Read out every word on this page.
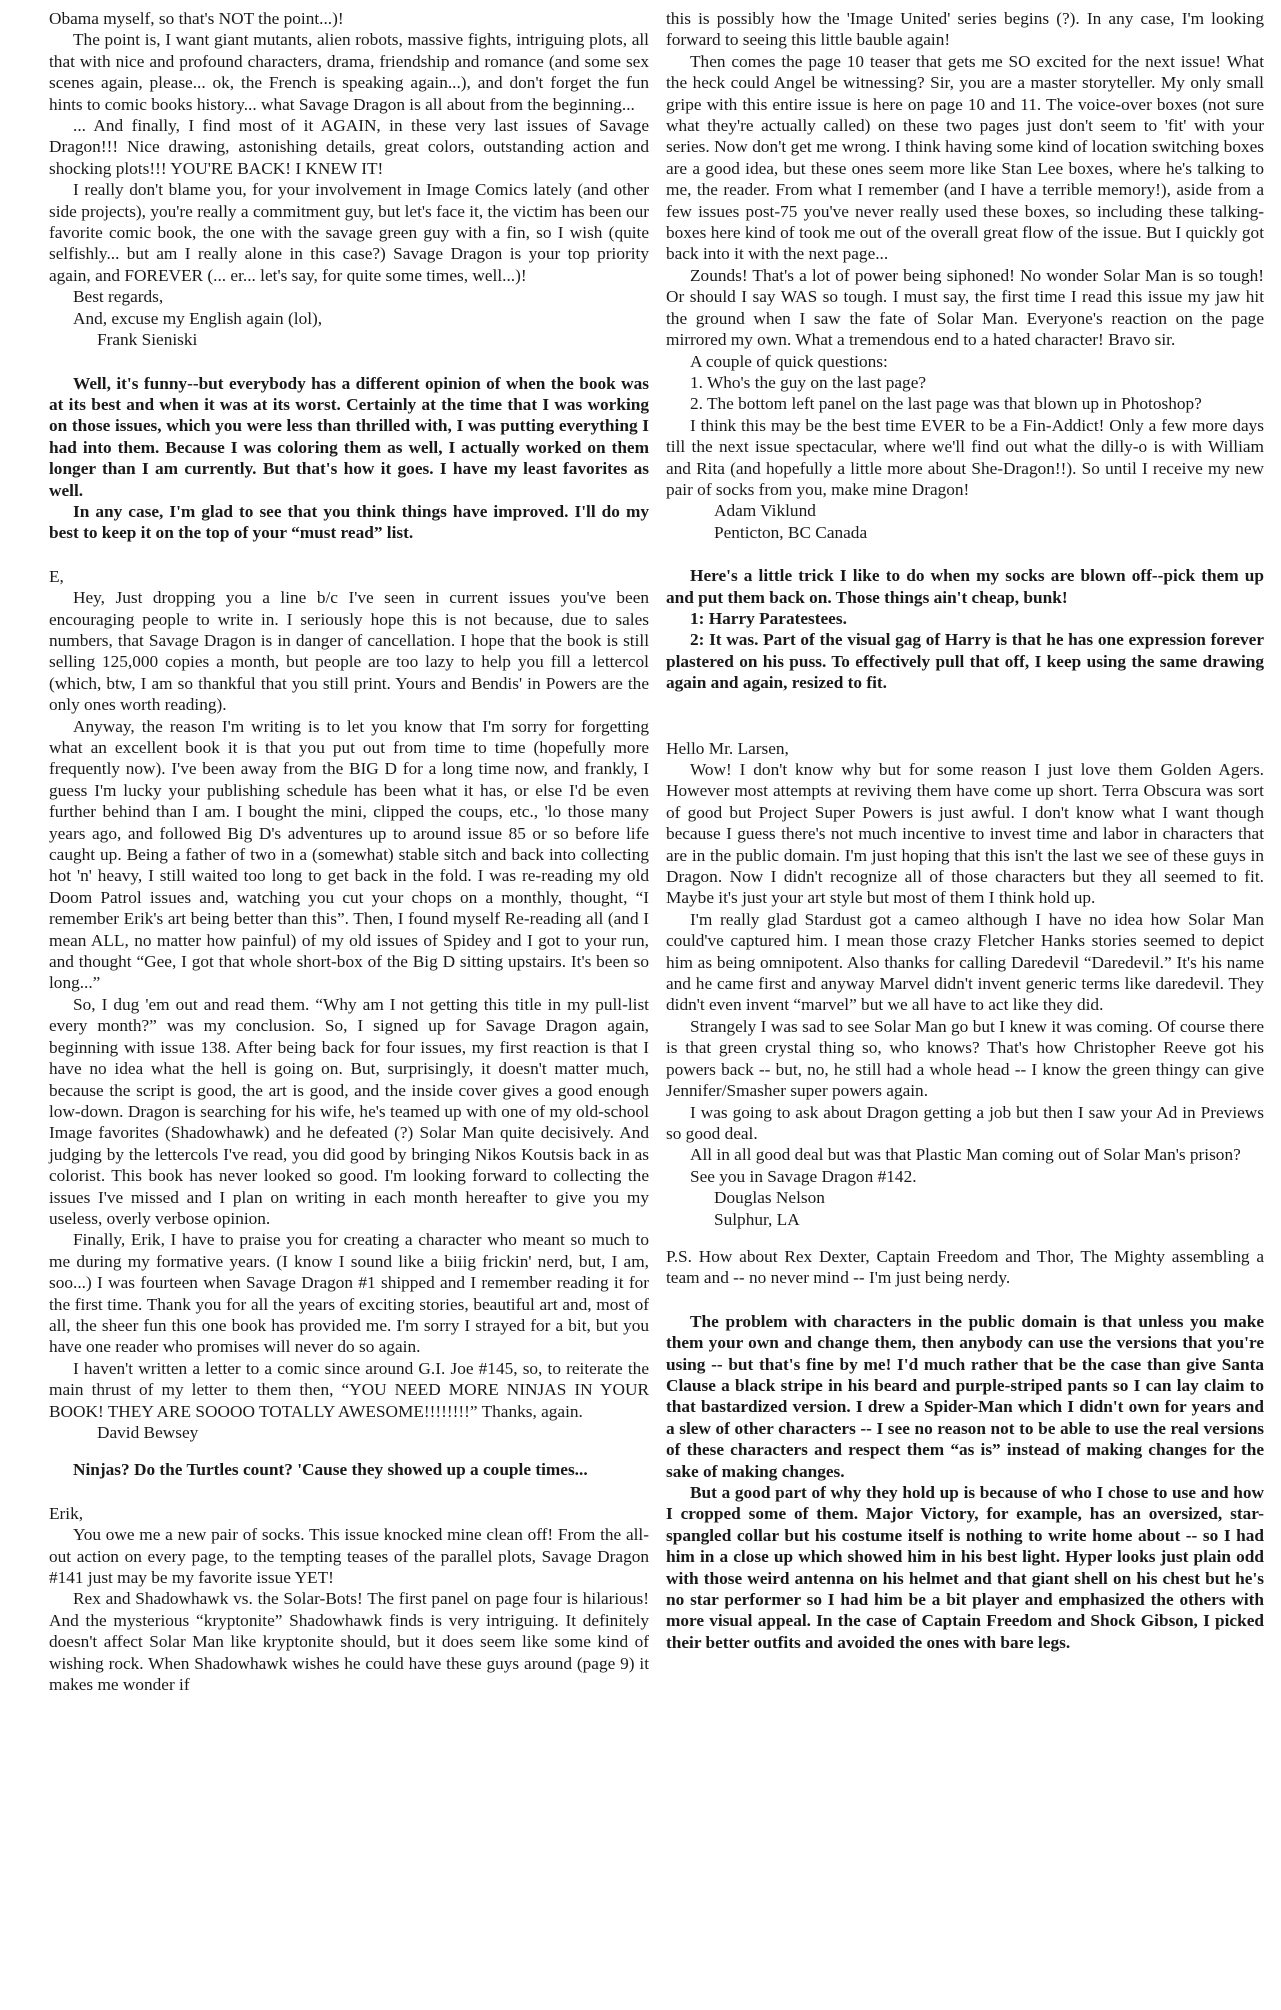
Obama myself, so that's NOT the point...)!

The point is, I want giant mutants, alien robots, massive fights, intriguing plots, all that with nice and profound characters, drama, friendship and romance (and some sex scenes again, please... ok, the French is speaking again...), and don't forget the fun hints to comic books history... what Savage Dragon is all about from the beginning...

... And finally, I find most of it AGAIN, in these very last issues of Savage Dragon!!! Nice drawing, astonishing details, great colors, outstanding action and shocking plots!!! YOU'RE BACK! I KNEW IT!

I really don't blame you, for your involvement in Image Comics lately (and other side projects), you're really a commitment guy, but let's face it, the victim has been our favorite comic book, the one with the savage green guy with a fin, so I wish (quite selfishly... but am I really alone in this case?) Savage Dragon is your top priority again, and FOREVER (... er... let's say, for quite some times, well...)!

Best regards,

And, excuse my English again (lol),

Frank Sieniski

Well, it's funny--but everybody has a different opinion of when the book was at its best and when it was at its worst. Certainly at the time that I was working on those issues, which you were less than thrilled with, I was putting everything I had into them. Because I was coloring them as well, I actually worked on them longer than I am currently. But that's how it goes. I have my least favorites as well.

In any case, I'm glad to see that you think things have improved. I'll do my best to keep it on the top of your “must read” list.

E,

Hey, Just dropping you a line b/c I've seen in current issues you've been encouraging people to write in. I seriously hope this is not because, due to sales numbers, that Savage Dragon is in danger of cancellation. I hope that the book is still selling 125,000 copies a month, but people are too lazy to help you fill a lettercol (which, btw, I am so thankful that you still print. Yours and Bendis' in Powers are the only ones worth reading).

Anyway, the reason I'm writing is to let you know that I'm sorry for forgetting what an excellent book it is that you put out from time to time (hopefully more frequently now). I've been away from the BIG D for a long time now, and frankly, I guess I'm lucky your publishing schedule has been what it has, or else I'd be even further behind than I am. I bought the mini, clipped the coups, etc., 'lo those many years ago, and followed Big D's adventures up to around issue 85 or so before life caught up. Being a father of two in a (somewhat) stable sitch and back into collecting hot 'n' heavy, I still waited too long to get back in the fold. I was re-reading my old Doom Patrol issues and, watching you cut your chops on a monthly, thought, “I remember Erik's art being better than this”. Then, I found myself Re-reading all (and I mean ALL, no matter how painful) of my old issues of Spidey and I got to your run, and thought “Gee, I got that whole short-box of the Big D sitting upstairs. It's been so long...”

So, I dug 'em out and read them. “Why am I not getting this title in my pull-list every month?” was my conclusion. So, I signed up for Savage Dragon again, beginning with issue 138. After being back for four issues, my first reaction is that I have no idea what the hell is going on. But, surprisingly, it doesn't matter much, because the script is good, the art is good, and the inside cover gives a good enough low-down. Dragon is searching for his wife, he's teamed up with one of my old-school Image favorites (Shadowhawk) and he defeated (?) Solar Man quite decisively. And judging by the lettercols I've read, you did good by bringing Nikos Koutsis back in as colorist. This book has never looked so good. I'm looking forward to collecting the issues I've missed and I plan on writing in each month hereafter to give you my useless, overly verbose opinion.

Finally, Erik, I have to praise you for creating a character who meant so much to me during my formative years. (I know I sound like a biiig frickin' nerd, but, I am, soo...) I was fourteen when Savage Dragon #1 shipped and I remember reading it for the first time. Thank you for all the years of exciting stories, beautiful art and, most of all, the sheer fun this one book has provided me. I'm sorry I strayed for a bit, but you have one reader who promises will never do so again.

I haven't written a letter to a comic since around G.I. Joe #145, so, to reiterate the main thrust of my letter to them then, “YOU NEED MORE NINJAS IN YOUR BOOK! THEY ARE SOOOO TOTALLY AWESOME!!!!!!!!” Thanks, again.

David Bewsey

Ninjas? Do the Turtles count? 'Cause they showed up a couple times...

Erik,

You owe me a new pair of socks. This issue knocked mine clean off! From the all-out action on every page, to the tempting teases of the parallel plots, Savage Dragon #141 just may be my favorite issue YET!

Rex and Shadowhawk vs. the Solar-Bots! The first panel on page four is hilarious! And the mysterious “kryptonite” Shadowhawk finds is very intriguing. It definitely doesn't affect Solar Man like kryptonite should, but it does seem like some kind of wishing rock. When Shadowhawk wishes he could have these guys around (page 9) it makes me wonder if

this is possibly how the 'Image United' series begins (?). In any case, I'm looking forward to seeing this little bauble again!

Then comes the page 10 teaser that gets me SO excited for the next issue! What the heck could Angel be witnessing? Sir, you are a master storyteller. My only small gripe with this entire issue is here on page 10 and 11. The voice-over boxes (not sure what they're actually called) on these two pages just don't seem to 'fit' with your series. Now don't get me wrong. I think having some kind of location switching boxes are a good idea, but these ones seem more like Stan Lee boxes, where he's talking to me, the reader. From what I remember (and I have a terrible memory!), aside from a few issues post-75 you've never really used these boxes, so including these talking-boxes here kind of took me out of the overall great flow of the issue. But I quickly got back into it with the next page...

Zounds! That's a lot of power being siphoned! No wonder Solar Man is so tough! Or should I say WAS so tough. I must say, the first time I read this issue my jaw hit the ground when I saw the fate of Solar Man. Everyone's reaction on the page mirrored my own. What a tremendous end to a hated character! Bravo sir.

A couple of quick questions:

1. Who's the guy on the last page?

2. The bottom left panel on the last page was that blown up in Photoshop?

I think this may be the best time EVER to be a Fin-Addict! Only a few more days till the next issue spectacular, where we'll find out what the dilly-o is with William and Rita (and hopefully a little more about She-Dragon!!). So until I receive my new pair of socks from you, make mine Dragon!

Adam Viklund

Penticton, BC Canada

Here's a little trick I like to do when my socks are blown off--pick them up and put them back on. Those things ain't cheap, bunk!

1: Harry Paratestees.

2: It was. Part of the visual gag of Harry is that he has one expression forever plastered on his puss. To effectively pull that off, I keep using the same drawing again and again, resized to fit.

Hello Mr. Larsen,

Wow! I don't know why but for some reason I just love them Golden Agers. However most attempts at reviving them have come up short. Terra Obscura was sort of good but Project Super Powers is just awful. I don't know what I want though because I guess there's not much incentive to invest time and labor in characters that are in the public domain. I'm just hoping that this isn't the last we see of these guys in Dragon. Now I didn't recognize all of those characters but they all seemed to fit. Maybe it's just your art style but most of them I think hold up.

I'm really glad Stardust got a cameo although I have no idea how Solar Man could've captured him. I mean those crazy Fletcher Hanks stories seemed to depict him as being omnipotent. Also thanks for calling Daredevil “Daredevil.” It's his name and he came first and anyway Marvel didn't invent generic terms like daredevil. They didn't even invent “marvel” but we all have to act like they did.

Strangely I was sad to see Solar Man go but I knew it was coming. Of course there is that green crystal thing so, who knows? That's how Christopher Reeve got his powers back -- but, no, he still had a whole head -- I know the green thingy can give Jennifer/Smasher super powers again.

I was going to ask about Dragon getting a job but then I saw your Ad in Previews so good deal.

All in all good deal but was that Plastic Man coming out of Solar Man's prison?

See you in Savage Dragon #142.

Douglas Nelson

Sulphur, LA

P.S. How about Rex Dexter, Captain Freedom and Thor, The Mighty assembling a team and -- no never mind -- I'm just being nerdy.

The problem with characters in the public domain is that unless you make them your own and change them, then anybody can use the versions that you're using -- but that's fine by me! I'd much rather that be the case than give Santa Clause a black stripe in his beard and purple-striped pants so I can lay claim to that bastardized version. I drew a Spider-Man which I didn't own for years and a slew of other characters -- I see no reason not to be able to use the real versions of these characters and respect them “as is” instead of making changes for the sake of making changes.

But a good part of why they hold up is because of who I chose to use and how I cropped some of them. Major Victory, for example, has an oversized, star-spangled collar but his costume itself is nothing to write home about -- so I had him in a close up which showed him in his best light. Hyper looks just plain odd with those weird antenna on his helmet and that giant shell on his chest but he's no star performer so I had him be a bit player and emphasized the others with more visual appeal. In the case of Captain Freedom and Shock Gibson, I picked their better outfits and avoided the ones with bare legs.
